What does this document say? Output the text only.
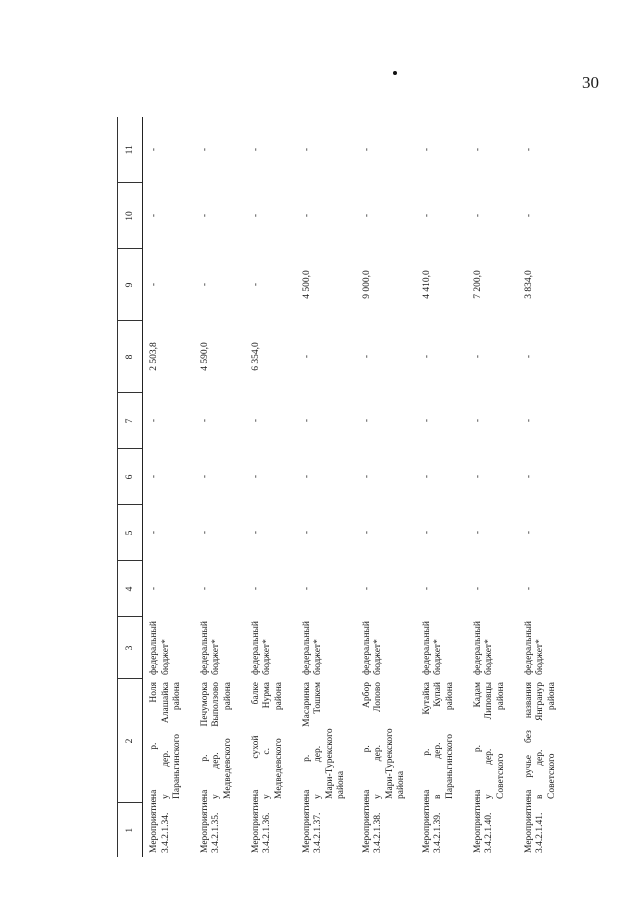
30
1	2	3	4	5	6	7	8	9	10	11
Мероприятие 3.4.2.1.34.	на р. Ноля у дер. Алашайка Параньгинского района	федеральный бюджет*	-	-	-	-	2 503,8	-	-	-
Мероприятие 3.4.2.1.35.	на р. Печуморка у дер. Выползово Медведевского района	федеральный бюджет*	-	-	-	-	4 590,0	-	-	-
Мероприятие 3.4.2.1.36.	на сухой балке у с. Нурма Медведевского района	федеральный бюджет*	-	-	-	-	6 354,0	-	-	-
Мероприятие 3.4.2.1.37.	на р. Масаринка у дер. Тошкем Мари-Турекского района	федеральный бюджет*	-	-	-	-	-	4 500,0	-	-
Мероприятие 3.4.2.1.38.	на р. Арбор у дер. Лопово Мари-Турекского района	федеральный бюджет*	-	-	-	-	-	9 000,0	-	-
Мероприятие 3.4.2.1.39.	на р. Кутайка в дер. Купай Параньгинского района	федеральный бюджет*	-	-	-	-	-	4 410,0	-	-
Мероприятие 3.4.2.1.40.	на р. Кадам у дер. Липовцы Советского района	федеральный бюджет*	-	-	-	-	-	7 200,0	-	-
Мероприятие 3.4.2.1.41.	на ручье без названия в дер. Янгранур Советского района	федеральный бюджет*	-	-	-	-	-	3 834,0	-	-
